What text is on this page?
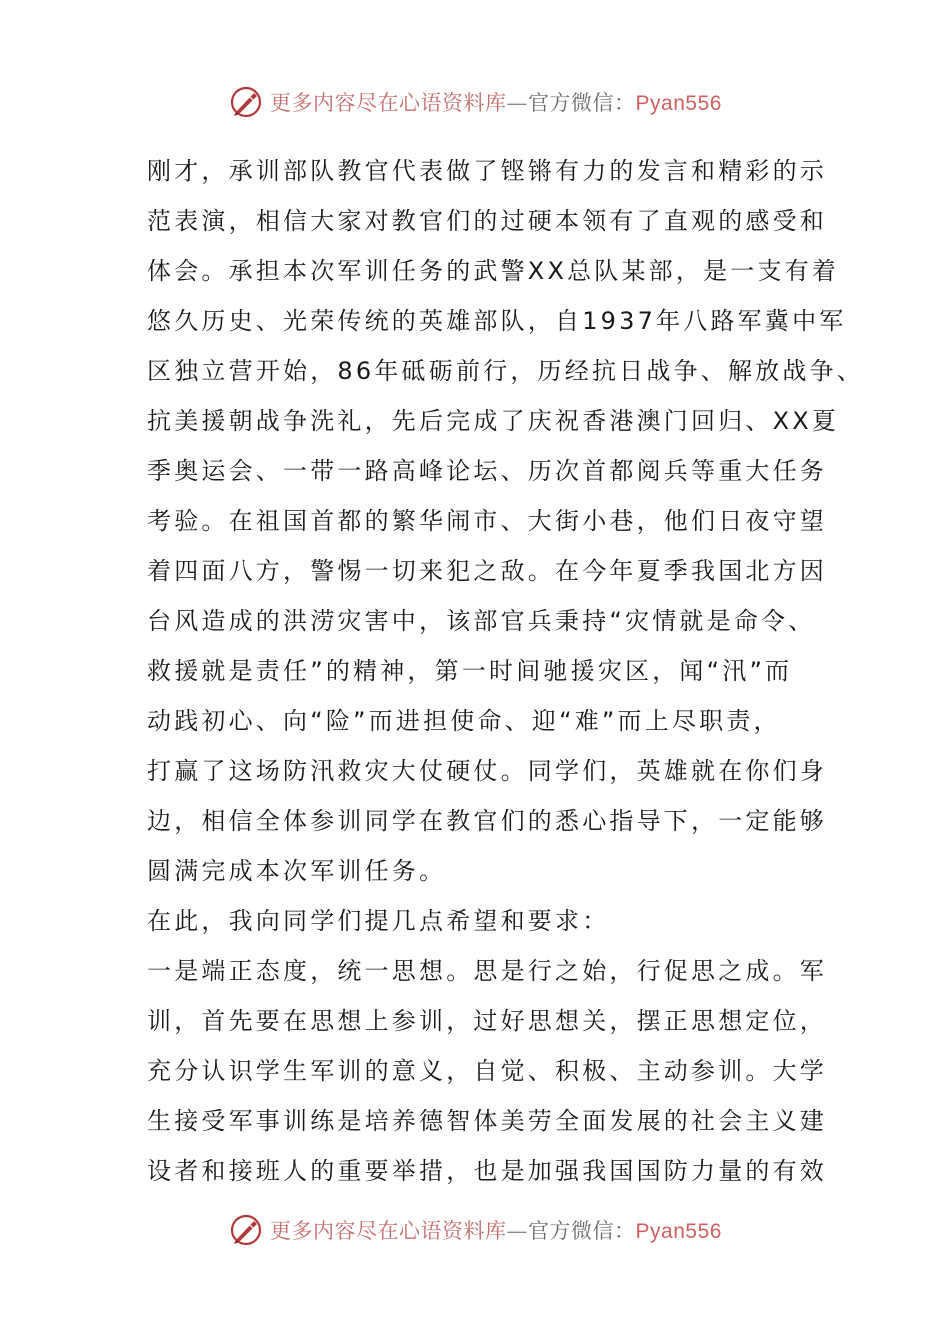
更多内容尽在心语资料库—官方微信：Pyan556
刚才，承训部队教官代表做了铿锵有力的发言和精彩的示
范表演，相信大家对教官们的过硬本领有了直观的感受和
体会。承担本次军训任务的武警XX总队某部，是一支有着
悠久历史、光荣传统的英雄部队，自1937年八路军冀中军
区独立营开始，86年砥砺前行，历经抗日战争、解放战争、
抗美援朝战争洗礼，先后完成了庆祝香港澳门回归、XX夏
季奥运会、一带一路高峰论坛、历次首都阅兵等重大任务
考验。在祖国首都的繁华闹市、大街小巷，他们日夜守望
着四面八方，警惕一切来犯之敌。在今年夏季我国北方因
台风造成的洪涝灾害中，该部官兵秉持“灾情就是命令、
救援就是责任”的精神，第一时间驰援灾区，闻“汛”而
动践初心、向“险”而进担使命、迎“难”而上尽职责，
打赢了这场防汛救灾大仗硬仗。同学们，英雄就在你们身
边，相信全体参训同学在教官们的悉心指导下，一定能够
圆满完成本次军训任务。
在此，我向同学们提几点希望和要求：
一是端正态度，统一思想。思是行之始，行促思之成。军
训，首先要在思想上参训，过好思想关，摆正思想定位，
充分认识学生军训的意义，自觉、积极、主动参训。大学
生接受军事训练是培养德智体美劳全面发展的社会主义建
设者和接班人的重要举措，也是加强我国国防力量的有效
更多内容尽在心语资料库—官方微信：Pyan556
